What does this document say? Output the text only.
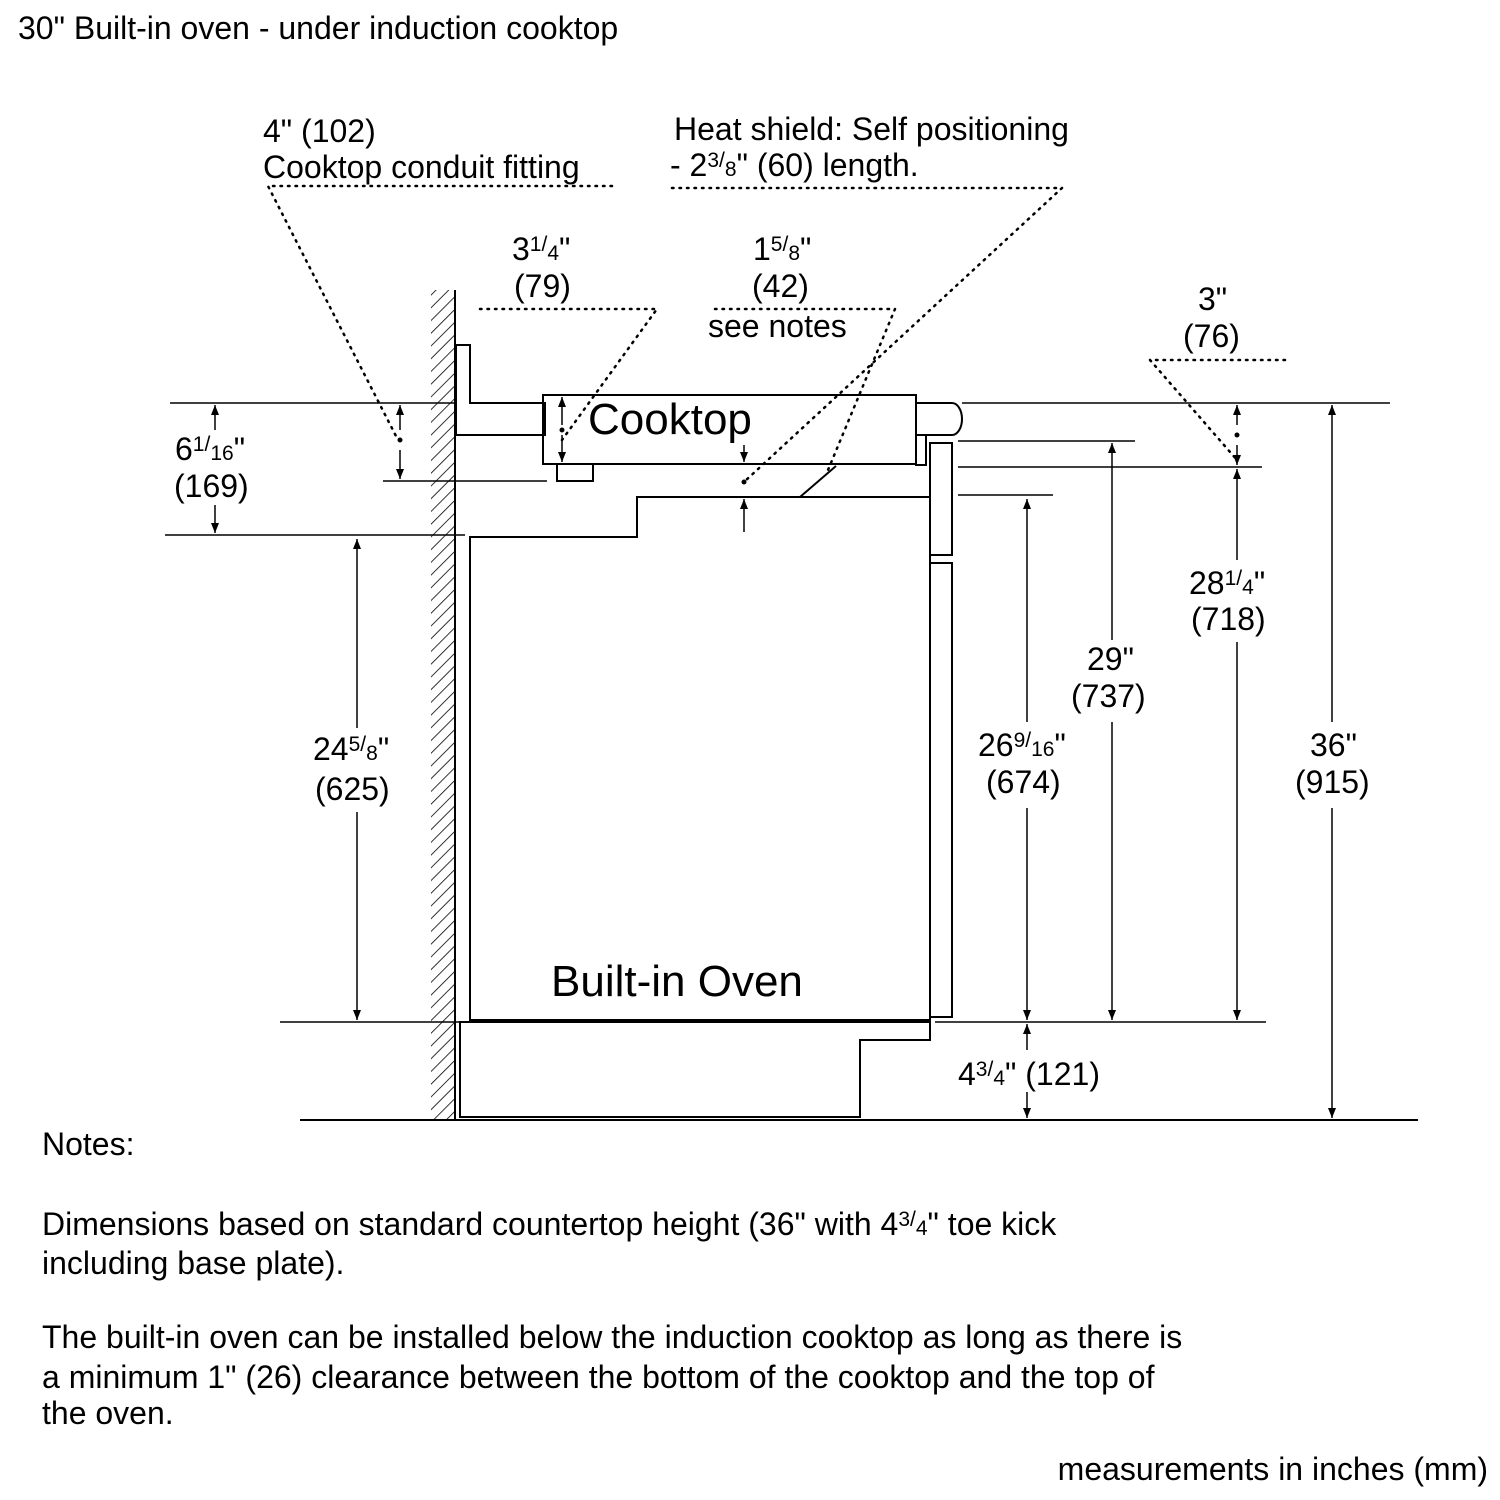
30" Built-in oven - under induction cooktop
Cooktop
Built-in Oven
4" (102)
Cooktop conduit fitting
Heat shield: Self positioning
- $2^3/_8$" (60) length.
$3^1/_4$"
(79)
$1^5/_8$"
(42)
see notes
3"
(76)
$6^1/_{16}$"
(169)
$24^5/_8$"
(625)
$26^9/_{16}$"
(674)
29"
(737)
$28^1/_4$"
(718)
36"
(915)
$4^3/_4$" (121)
Notes:
Dimensions based on standard countertop height (36" with $4^3/_4$" toe kick
including base plate).
The built-in oven can be installed below the induction cooktop as long as there is
a minimum 1" (26) clearance between the bottom of the cooktop and the top of
the oven.
measurements in inches (mm)
